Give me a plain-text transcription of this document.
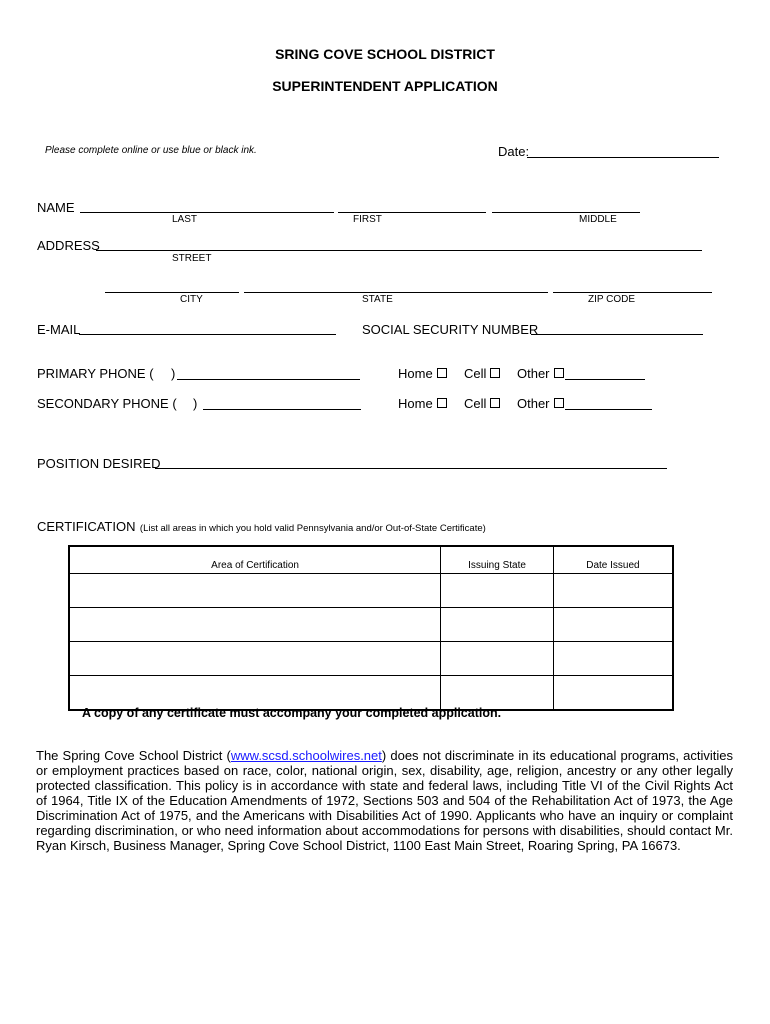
SRING COVE SCHOOL DISTRICT
SUPERINTENDENT APPLICATION
Please complete online or use blue or black ink.	Date:
NAME
LAST	FIRST	MIDDLE
ADDRESS
STREET
CITY	STATE	ZIP CODE
E-MAIL	SOCIAL SECURITY NUMBER
PRIMARY PHONE ( )	Home	Cell	Other
SECONDARY PHONE ( )	Home	Cell	Other
POSITION DESIRED
CERTIFICATION (List all areas in which you hold valid Pennsylvania and/or Out-of-State Certificate)
Area of Certification	Issuing State	Date Issued

A copy of any certificate must accompany your completed application.
The Spring Cove School District (www.scsd.schoolwires.net) does not discriminate in its educational programs, activities or employment practices based on race, color, national origin, sex, disability, age, religion, ancestry or any other legally protected classification. This policy is in accordance with state and federal laws, including Title VI of the Civil Rights Act of 1964, Title IX of the Education Amendments of 1972, Sections 503 and 504 of the Rehabilitation Act of 1973, the Age Discrimination Act of 1975, and the Americans with Disabilities Act of 1990. Applicants who have an inquiry or complaint regarding discrimination, or who need information about accommodations for persons with disabilities, should contact Mr. Ryan Kirsch, Business Manager, Spring Cove School District, 1100 East Main Street, Roaring Spring, PA 16673.
